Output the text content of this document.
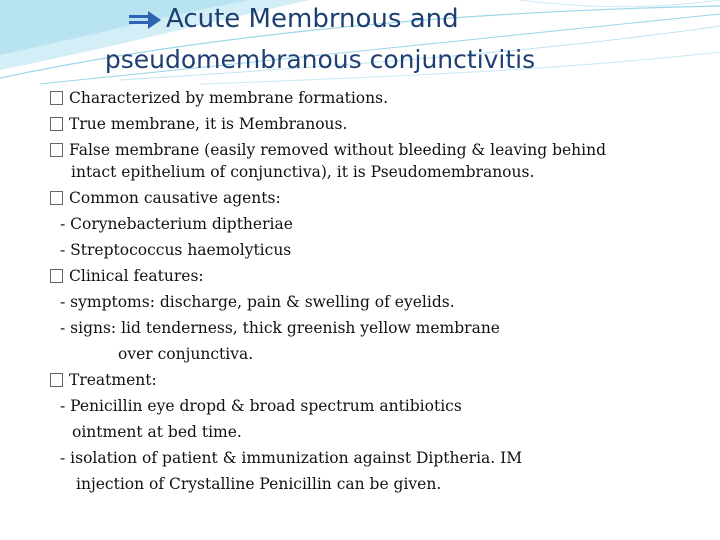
Acute Membrnous and
pseudomembranous conjunctivitis
Characterized by membrane formations.
True membrane, it is Membranous.
False membrane (easily removed without bleeding & leaving behind
intact epithelium of conjunctiva), it is Pseudomembranous.
Common causative agents:
- Corynebacterium diptheriae
- Streptococcus haemolyticus
Clinical features:
- symptoms: discharge, pain & swelling of eyelids.
- signs: lid tenderness, thick greenish yellow membrane
over conjunctiva.
Treatment:
- Penicillin eye dropd & broad spectrum antibiotics
ointment at bed time.
- isolation of patient & immunization against Diptheria. IM
injection of Crystalline Penicillin can be given.
